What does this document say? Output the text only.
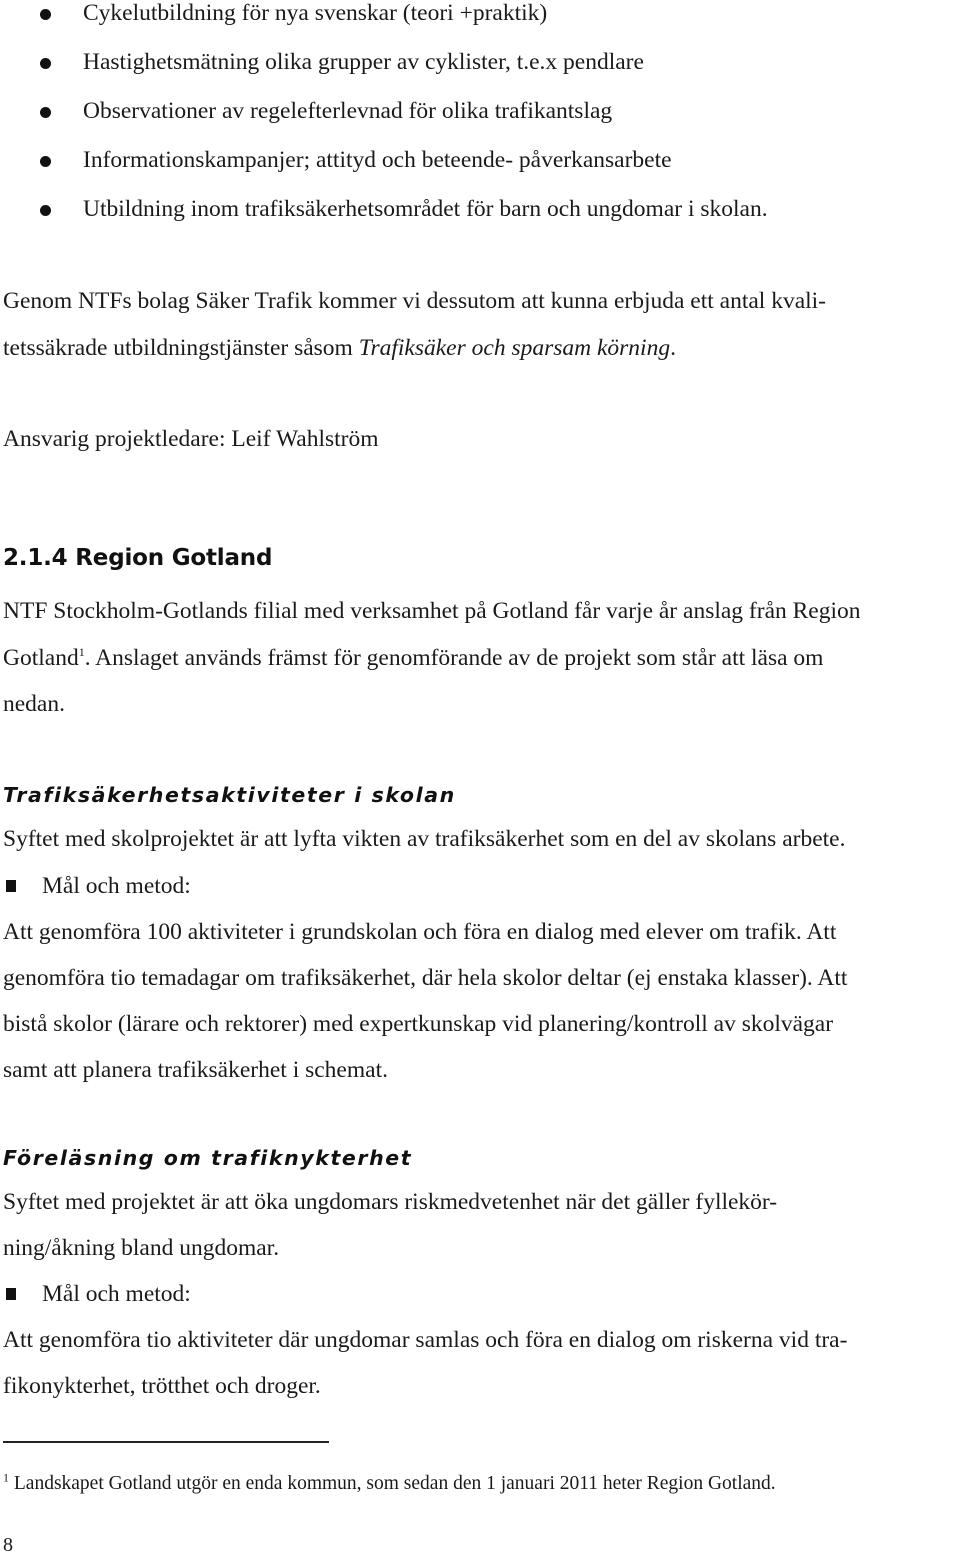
Cykelutbildning för nya svenskar (teori +praktik)
Hastighetsmätning olika grupper av cyklister, t.e.x pendlare
Observationer av regelefterlevnad för olika trafikantslag
Informationskampanjer; attityd och beteende- påverkansarbete
Utbildning inom trafiksäkerhetsområdet för barn och ungdomar i skolan.
Genom NTFs bolag Säker Trafik kommer vi dessutom att kunna erbjuda ett antal kvali-
tetssäkrade utbildningstjänster såsom Trafiksäker och sparsam körning.
Ansvarig projektledare: Leif Wahlström
2.1.4 Region Gotland
NTF Stockholm-Gotlands filial med verksamhet på Gotland får varje år anslag från Region
Gotland$^1$. Anslaget används främst för genomförande av de projekt som står att läsa om
nedan.
Trafiksäkerhetsaktiviteter i skolan
Syftet med skolprojektet är att lyfta vikten av trafiksäkerhet som en del av skolans arbete.
Mål och metod:
Att genomföra 100 aktiviteter i grundskolan och föra en dialog med elever om trafik. Att
genomföra tio temadagar om trafiksäkerhet, där hela skolor deltar (ej enstaka klasser). Att
bistå skolor (lärare och rektorer) med expertkunskap vid planering/kontroll av skolvägar
samt att planera trafiksäkerhet i schemat.
Föreläsning om trafiknykterhet
Syftet med projektet är att öka ungdomars riskmedvetenhet när det gäller fyllekör-
ning/åkning bland ungdomar.
Mål och metod:
Att genomföra tio aktiviteter där ungdomar samlas och föra en dialog om riskerna vid tra-
fikonykterhet, trötthet och droger.
$^1$ Landskapet Gotland utgör en enda kommun, som sedan den 1 januari 2011 heter Region Gotland.
8
